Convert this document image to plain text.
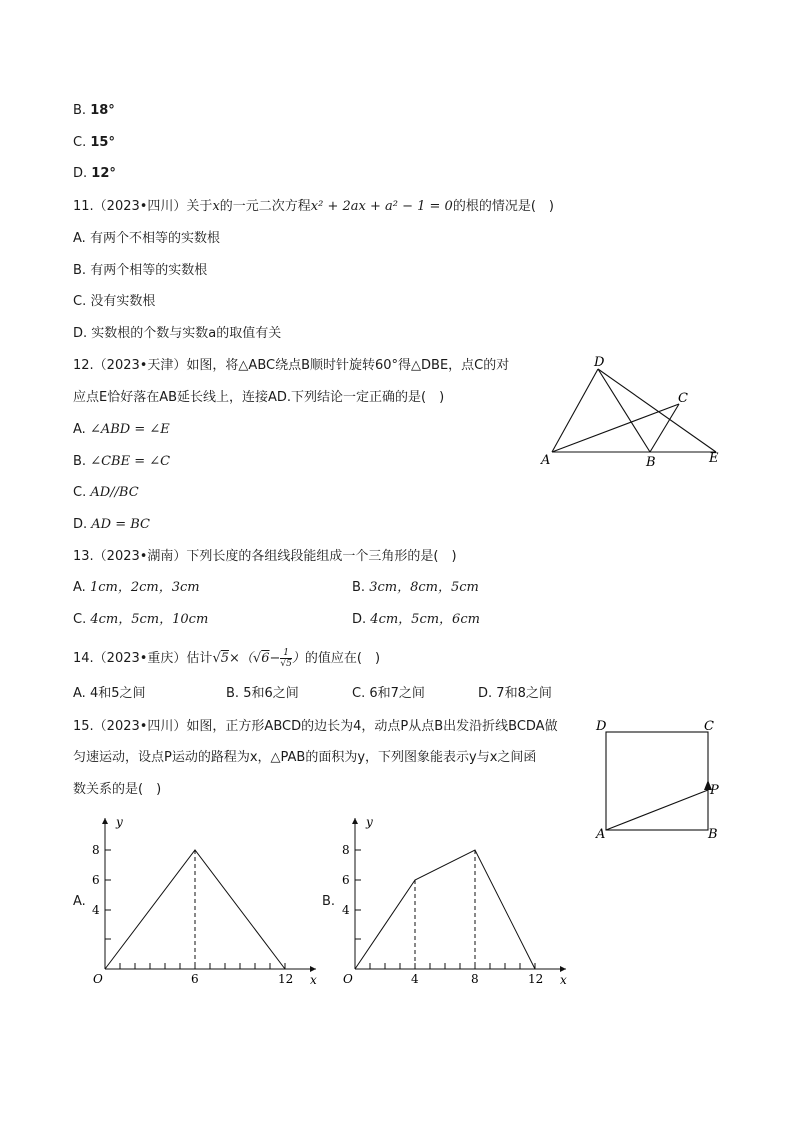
B. 18°
C. 15°
D. 12°
11.（2023•四川）关于x的一元二次方程x² + 2ax + a² − 1 = 0的根的情况是(　)
A. 有两个不相等的实数根
B. 有两个相等的实数根
C. 没有实数根
D. 实数根的个数与实数a的取值有关
12.（2023•天津）如图，将△ABC绕点B顺时针旋转60°得△DBE，点C的对
应点E恰好落在AB延长线上，连接AD.下列结论一定正确的是(　)
A. ∠ABD = ∠E
B. ∠CBE = ∠C
C. AD//BC
D. AD = BC
D
C
A	B	E
13.（2023•湖南）下列长度的各组线段能组成一个三角形的是(　)
A. 1cm，2cm，3cm	B. 3cm，8cm，5cm
C. 4cm，5cm，10cm	D. 4cm，5cm，6cm
14.（2023•重庆）估计$√5\times(√6- \frac{1}{√5}$ ）的值应在(　)
A. 4和5之间	B. 5和6之间	C. 6和7之间	D. 7和8之间
15.（2023•四川）如图，正方形ABCD的边长为4，动点P从点B出发沿折线BCDA做
匀速运动，设点P运动的路程为x，△PAB的面积为y，下列图象能表示y与x之间函
数关系的是(　)
D	C
P
A	B
A.
y
x
O
8
6
4
6	12
B.
y
x
O
8
6
4
4	8	12
